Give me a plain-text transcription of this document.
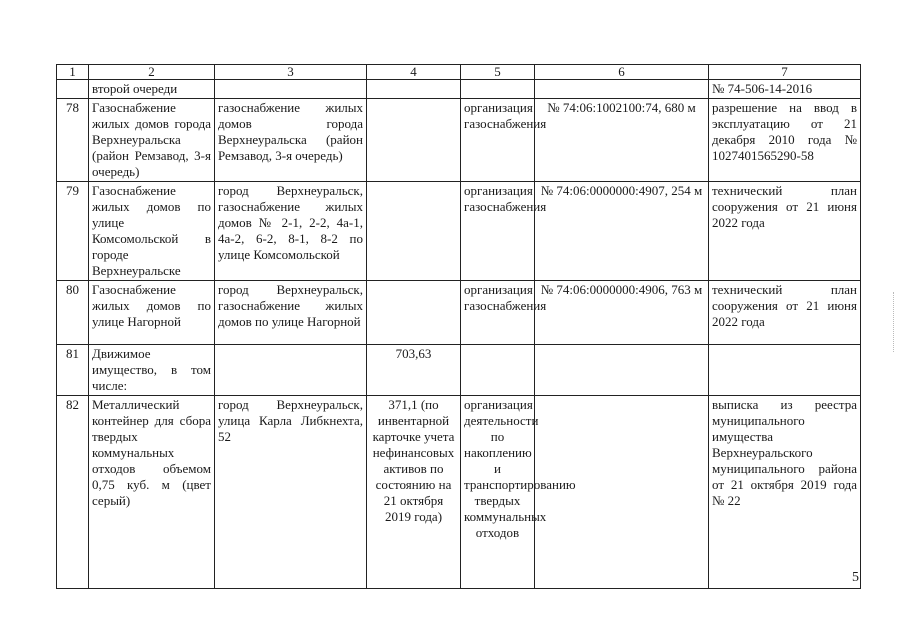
1	2	3	4	5	6	7
	второй очереди					№ 74-506-14-2016
78	Газоснабжение жилых домов города Верхнеуральска (район Ремзавод, 3-я очередь)	газоснабжение жилых домов города Верхнеуральска (район Ремзавод, 3-я очередь)		организация газоснабжения	№ 74:06:1002100:74, 680 м	разрешение на ввод в эксплуатацию от 21 декабря 2010 года № 1027401565290-58
79	Газоснабжение жилых домов по улице Комсомольской в городе Верхнеуральске	город Верхнеуральск, газоснабжение жилых домов № 2-1, 2-2, 4а-1, 4а-2, 6-2, 8-1, 8-2 по улице Комсомольской		организация газоснабжения	№ 74:06:0000000:4907, 254 м	технический план сооружения от 21 июня 2022 года
80	Газоснабжение жилых домов по улице Нагорной	город Верхнеуральск, газоснабжение жилых домов по улице Нагорной		организация газоснабжения	№ 74:06:0000000:4906, 763 м	технический план сооружения от 21 июня 2022 года
81	Движимое имущество, в том числе:		703,63			
82	Металлический контейнер для сбора твердых коммунальных отходов объемом 0,75 куб. м (цвет серый)	город Верхнеуральск, улица Карла Либкнехта, 52	371,1 (по инвентарной карточке учета нефинансовых активов по состоянию на 21 октября 2019 года)	организация деятельности по накоплению и транспортированию твердых коммунальных отходов		выписка из реестра муниципального имущества Верхнеуральского муниципального района от 21 октября 2019 года № 22
5
